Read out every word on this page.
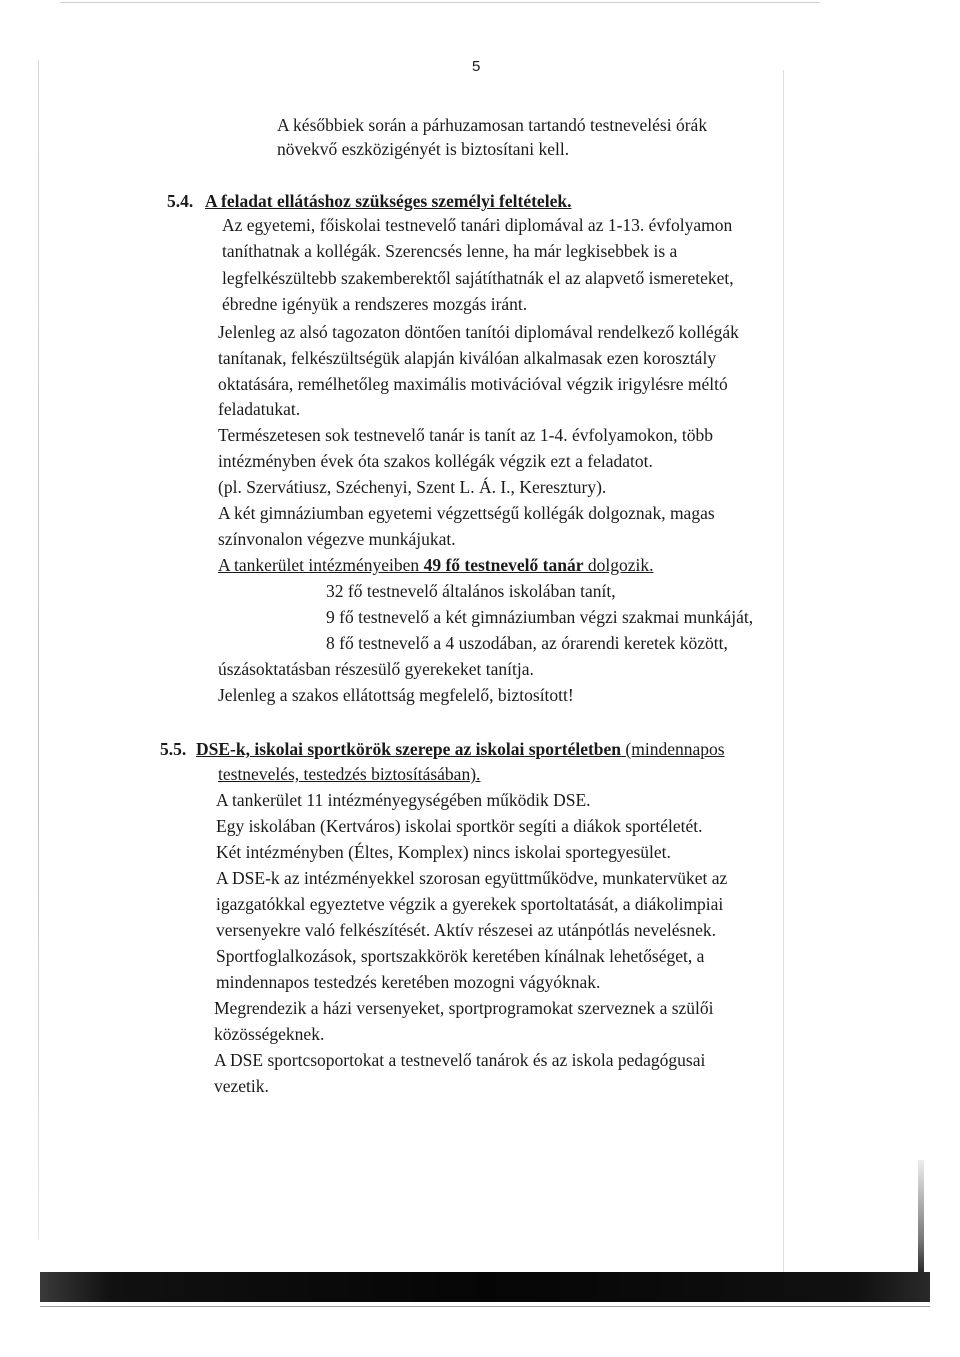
5
A későbbiek során a párhuzamosan tartandó testnevelési órák
növekvő eszközigényét is biztosítani kell.
5.4. A feladat ellátáshoz szükséges személyi feltételek.
Az egyetemi, főiskolai testnevelő tanári diplomával az 1-13. évfolyamon
taníthatnak a kollégák. Szerencsés lenne, ha már legkisebbek is a
legfelkészültebb szakemberektől sajátíthatnák el az alapvető ismereteket,
ébredne igényük a rendszeres mozgás iránt.
Jelenleg az alsó tagozaton döntően tanítói diplomával rendelkező kollégák
tanítanak, felkészültségük alapján kiválóan alkalmasak ezen korosztály
oktatására, remélhetőleg maximális motivációval végzik irigylésre méltó
feladatukat.
Természetesen sok testnevelő tanár is tanít az 1-4. évfolyamokon, több
intézményben évek óta szakos kollégák végzik ezt a feladatot.
(pl. Szervátiusz, Széchenyi, Szent L. Á. I., Keresztury).
A két gimnáziumban egyetemi végzettségű kollégák dolgoznak, magas
színvonalon végezve munkájukat.
A tankerület intézményeiben 49 fő testnevelő tanár dolgozik.
32 fő testnevelő általános iskolában tanít,
9 fő testnevelő a két gimnáziumban végzi szakmai munkáját,
8 fő testnevelő a 4 uszodában, az órarendi keretek között,
úszásoktatásban részesülő gyerekeket tanítja.
Jelenleg a szakos ellátottság megfelelő, biztosított!
5.5. DSE-k, iskolai sportkörök szerepe az iskolai sportéletben (mindennapos
testnevelés, testedzés biztosításában).
A tankerület 11 intézményegységében működik DSE.
Egy iskolában (Kertváros) iskolai sportkör segíti a diákok sportéletét.
Két intézményben (Éltes, Komplex) nincs iskolai sportegyesület.
A DSE-k az intézményekkel szorosan együttműködve, munkatervüket az
igazgatókkal egyeztetve végzik a gyerekek sportoltatását, a diákolimpiai
versenyekre való felkészítését. Aktív részesei az utánpótlás nevelésnek.
Sportfoglalkozások, sportszakkörök keretében kínálnak lehetőséget, a
mindennapos testedzés keretében mozogni vágyóknak.
Megrendezik a házi versenyeket, sportprogramokat szerveznek a szülői
közösségeknek.
A DSE sportcsoportokat a testnevelő tanárok és az iskola pedagógusai
vezetik.
